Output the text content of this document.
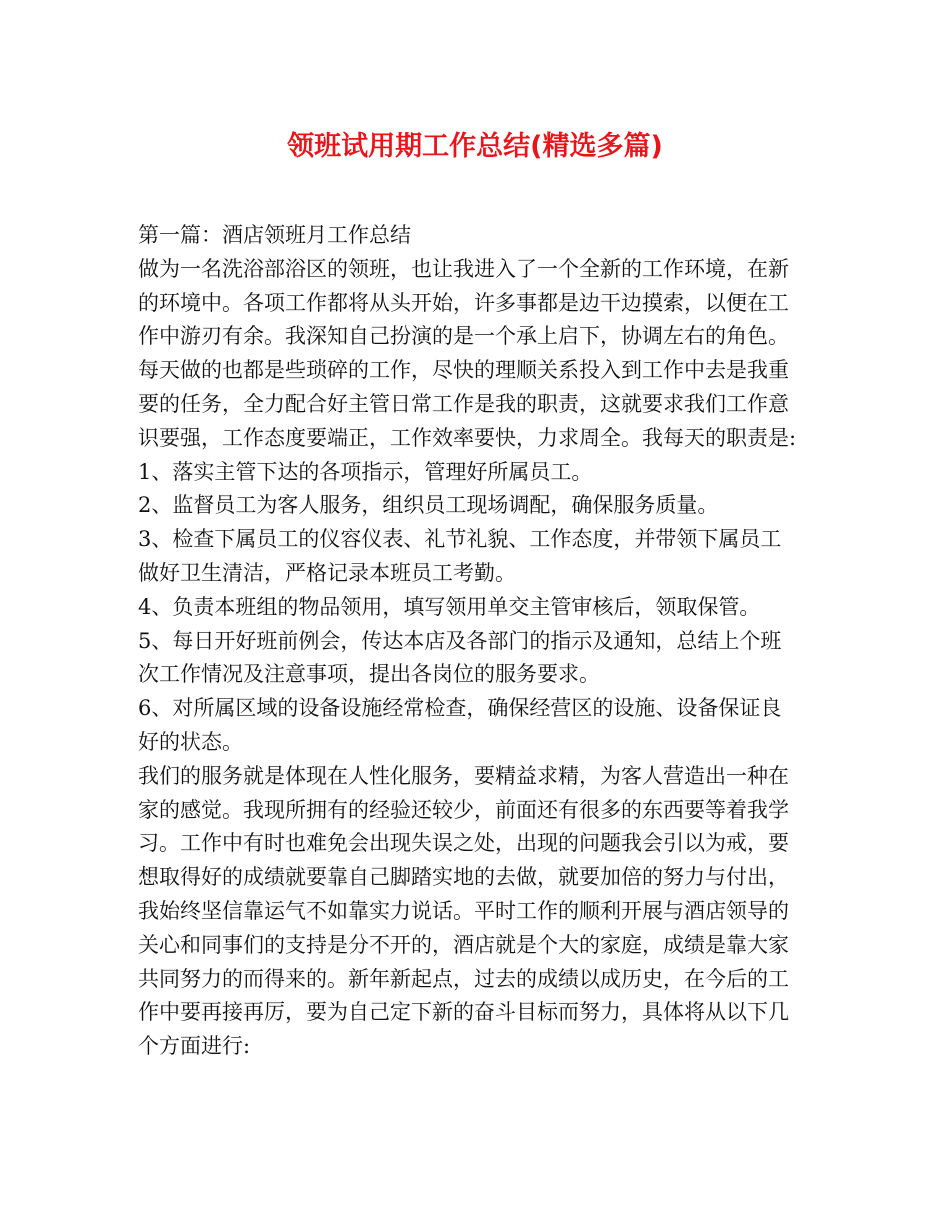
领班试用期工作总结(精选多篇)

第一篇：酒店领班月工作总结

做为一名洗浴部浴区的领班，也让我进入了一个全新的工作环境，在新

的环境中。各项工作都将从头开始，许多事都是边干边摸索，以便在工

作中游刃有余。我深知自己扮演的是一个承上启下，协调左右的角色。

每天做的也都是些琐碎的工作，尽快的理顺关系投入到工作中去是我重

要的任务，全力配合好主管日常工作是我的职责，这就要求我们工作意

识要强，工作态度要端正，工作效率要快，力求周全。我每天的职责是:

1、落实主管下达的各项指示，管理好所属员工。

2、监督员工为客人服务，组织员工现场调配，确保服务质量。

3、检查下属员工的仪容仪表、礼节礼貌、工作态度，并带领下属员工

做好卫生清洁，严格记录本班员工考勤。

4、负责本班组的物品领用，填写领用单交主管审核后，领取保管。

5、每日开好班前例会，传达本店及各部门的指示及通知，总结上个班

次工作情况及注意事项，提出各岗位的服务要求。

6、对所属区域的设备设施经常检查，确保经营区的设施、设备保证良

好的状态。

我们的服务就是体现在人性化服务，要精益求精，为客人营造出一种在

家的感觉。我现所拥有的经验还较少，前面还有很多的东西要等着我学

习。工作中有时也难免会出现失误之处，出现的问题我会引以为戒，要

想取得好的成绩就要靠自己脚踏实地的去做，就要加倍的努力与付出，

我始终坚信靠运气不如靠实力说话。平时工作的顺利开展与酒店领导的

关心和同事们的支持是分不开的，酒店就是个大的家庭，成绩是靠大家

共同努力的而得来的。新年新起点，过去的成绩以成历史，在今后的工

作中要再接再厉，要为自己定下新的奋斗目标而努力，具体将从以下几

个方面进行:
